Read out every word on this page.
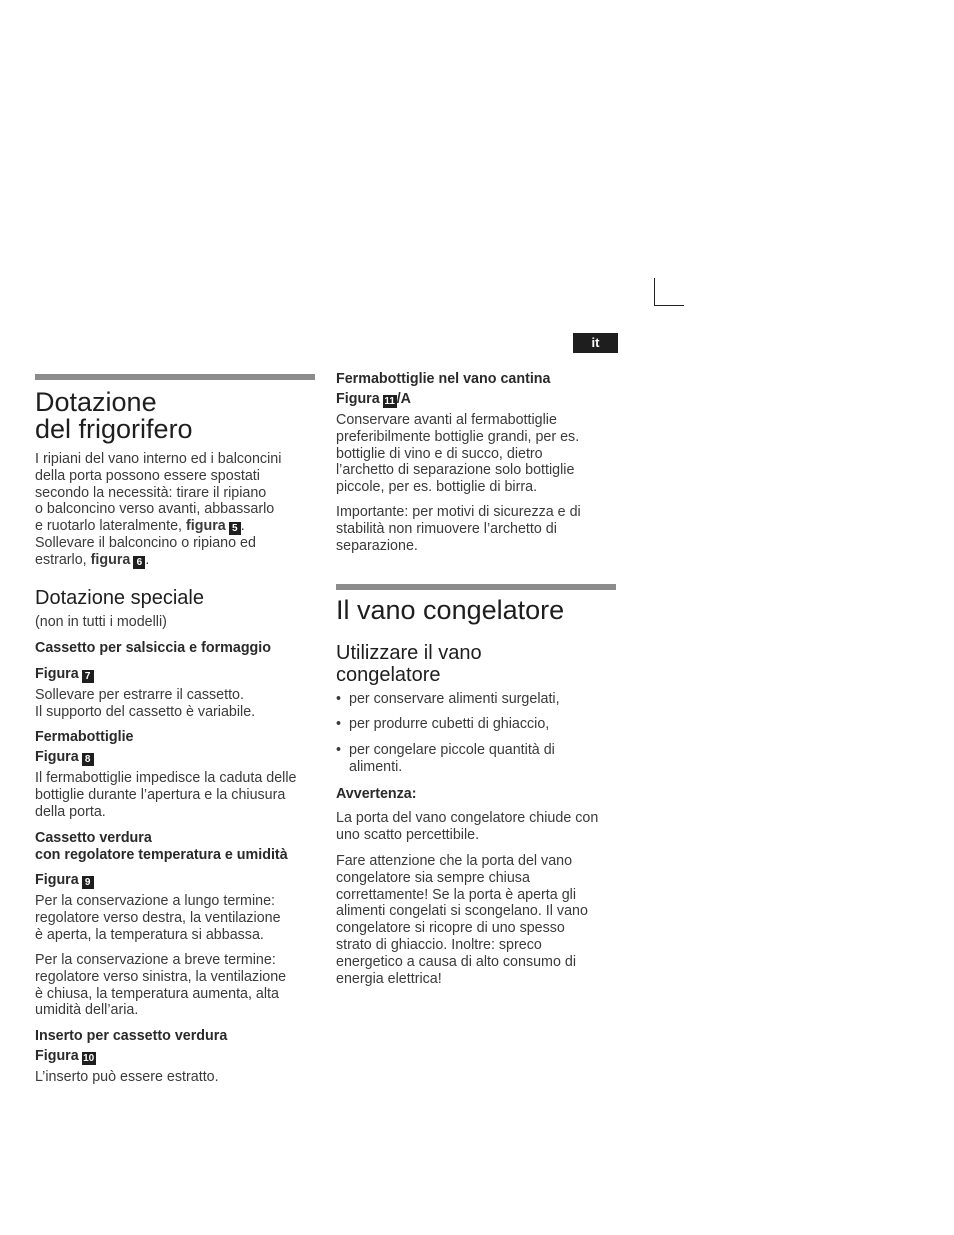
it
Dotazione
del frigorifero

I ripiani del vano interno ed i balconcini
della porta possono essere spostati
secondo la necessità: tirare il ripiano
o balconcino verso avanti, abbassarlo
e ruotarlo lateralmente, figura 5 .
Sollevare il balconcino o ripiano ed
estrarlo, figura 6 .

Dotazione speciale

(non in tutti i modelli)

Cassetto per salsiccia e formaggio

Figura 7

Sollevare per estrarre il cassetto.
Il supporto del cassetto è variabile.

Fermabottiglie

Figura 8

Il fermabottiglie impedisce la caduta delle
bottiglie durante l’apertura e la chiusura
della porta.

Cassetto verdura
con regolatore temperatura e umidità

Figura 9

Per la conservazione a lungo termine:
regolatore verso destra, la ventilazione
è aperta, la temperatura si abbassa.

Per la conservazione a breve termine:
regolatore verso sinistra, la ventilazione
è chiusa, la temperatura aumenta, alta
umidità dell’aria.

Inserto per cassetto verdura

Figura 10

L’inserto può essere estratto.

Fermabottiglie nel vano cantina

Figura 11 /A

Conservare avanti al fermabottiglie
preferibilmente bottiglie grandi, per es.
bottiglie di vino e di succo, dietro
l’archetto di separazione solo bottiglie
piccole, per es. bottiglie di birra.

Importante: per motivi di sicurezza e di
stabilità non rimuovere l’archetto di
separazione.

Il vano congelatore
Utilizzare il vano
congelatore
• per conservare alimenti surgelati,
• per produrre cubetti di ghiaccio,
• per congelare piccole quantità di
alimenti.

Avvertenza:

La porta del vano congelatore chiude con
uno scatto percettibile.

Fare attenzione che la porta del vano
congelatore sia sempre chiusa
correttamente! Se la porta è aperta gli
alimenti congelati si scongelano. Il vano
congelatore si ricopre di uno spesso
strato di ghiaccio. Inoltre: spreco
energetico a causa di alto consumo di
energia elettrica!
